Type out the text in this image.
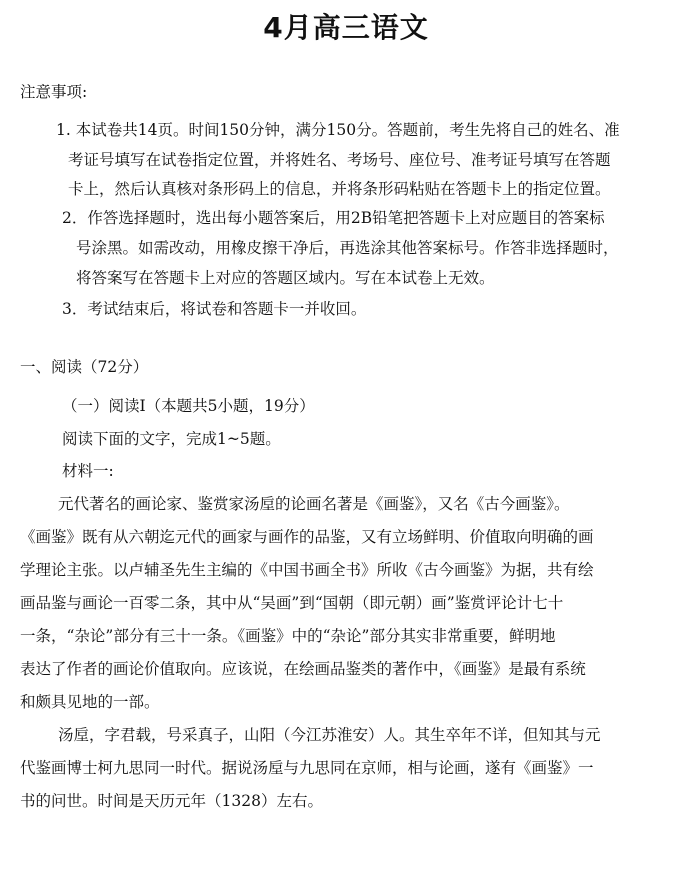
4月高三语文
注意事项:
1. 本试卷共14页。时间150分钟，满分150分。答题前，考生先将自己的姓名、准
考证号填写在试卷指定位置，并将姓名、考场号、座位号、准考证号填写在答题
卡上，然后认真核对条形码上的信息，并将条形码粘贴在答题卡上的指定位置。
2．作答选择题时，选出每小题答案后，用2B铅笔把答题卡上对应题目的答案标
号涂黑。如需改动，用橡皮擦干净后，再选涂其他答案标号。作答非选择题时，
将答案写在答题卡上对应的答题区域内。写在本试卷上无效。
3．考试结束后，将试卷和答题卡一并收回。
一、阅读（72分）
（一）阅读I（本题共5小题，19分）
阅读下面的文字，完成1~5题。
材料一:
元代著名的画论家、鉴赏家汤垕的论画名著是《画鉴》，又名《古今画鉴》。
《画鉴》既有从六朝迄元代的画家与画作的品鉴，又有立场鲜明、价值取向明确的画
学理论主张。以卢辅圣先生主编的《中国书画全书》所收《古今画鉴》为据，共有绘
画品鉴与画论一百零二条，其中从“吴画”到“国朝（即元朝）画”鉴赏评论计七十
一条，“杂论”部分有三十一条。《画鉴》中的“杂论”部分其实非常重要，鲜明地
表达了作者的画论价值取向。应该说，在绘画品鉴类的著作中，《画鉴》是最有系统
和颇具见地的一部。
汤垕，字君载，号采真子，山阳（今江苏淮安）人。其生卒年不详，但知其与元
代鉴画博士柯九思同一时代。据说汤垕与九思同在京师，相与论画，遂有《画鉴》一
书的问世。时间是天历元年（1328）左右。
